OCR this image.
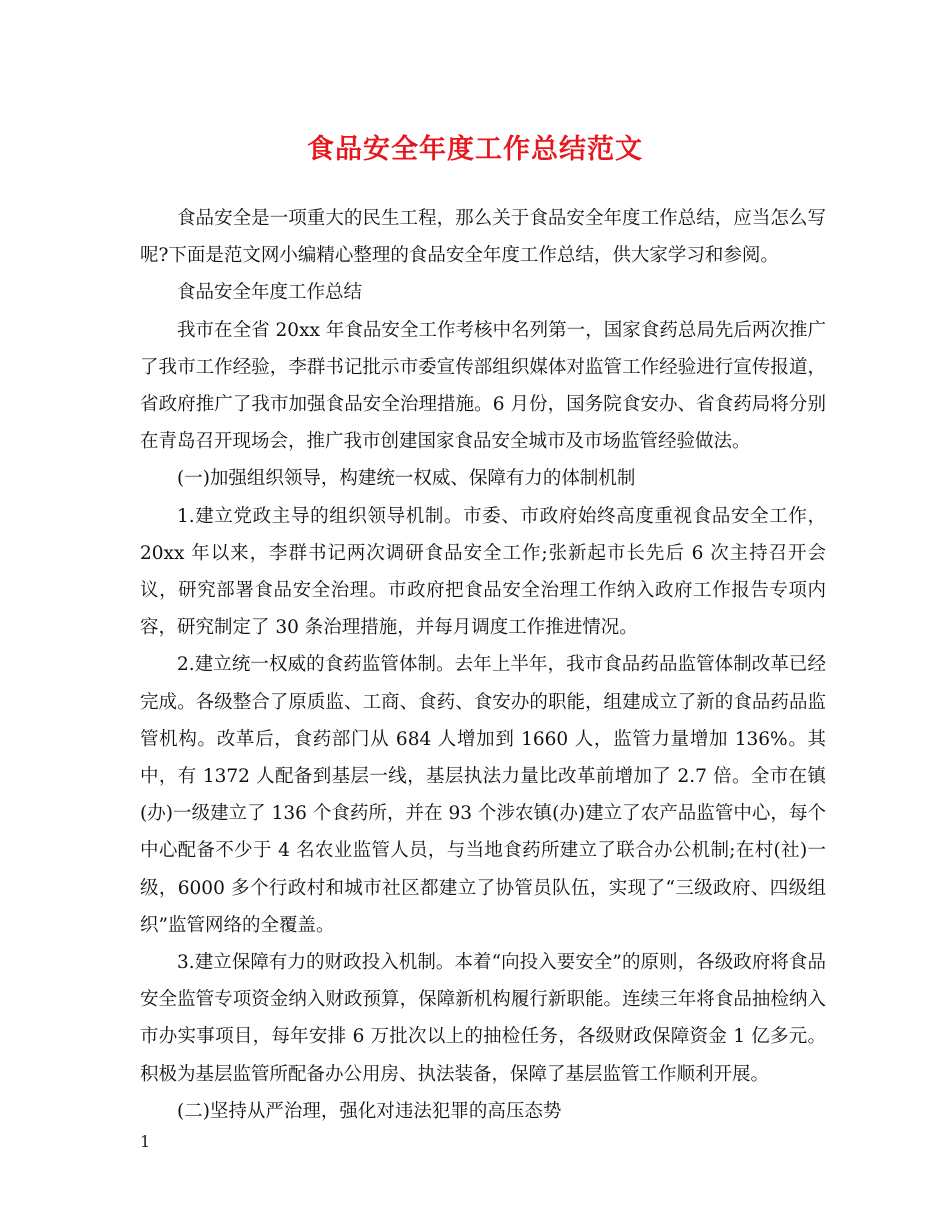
食品安全年度工作总结范文

食品安全是一项重大的民生工程，那么关于食品安全年度工作总结，应当怎么写呢?下面是范文网小编精心整理的食品安全年度工作总结，供大家学习和参阅。

食品安全年度工作总结

我市在全省 20xx 年食品安全工作考核中名列第一，国家食药总局先后两次推广了我市工作经验，李群书记批示市委宣传部组织媒体对监管工作经验进行宣传报道，省政府推广了我市加强食品安全治理措施。6 月份，国务院食安办、省食药局将分别在青岛召开现场会，推广我市创建国家食品安全城市及市场监管经验做法。

(一)加强组织领导，构建统一权威、保障有力的体制机制

1.建立党政主导的组织领导机制。市委、市政府始终高度重视食品安全工作，20xx 年以来，李群书记两次调研食品安全工作;张新起市长先后 6 次主持召开会议，研究部署食品安全治理。市政府把食品安全治理工作纳入政府工作报告专项内容，研究制定了 30 条治理措施，并每月调度工作推进情况。

2.建立统一权威的食药监管体制。去年上半年，我市食品药品监管体制改革已经完成。各级整合了原质监、工商、食药、食安办的职能，组建成立了新的食品药品监管机构。改革后，食药部门从 684 人增加到 1660 人，监管力量增加 136%。其中，有 1372 人配备到基层一线，基层执法力量比改革前增加了 2.7 倍。全市在镇(办)一级建立了 136 个食药所，并在 93 个涉农镇(办)建立了农产品监管中心，每个中心配备不少于 4 名农业监管人员，与当地食药所建立了联合办公机制;在村(社)一级，6000 多个行政村和城市社区都建立了协管员队伍，实现了“三级政府、四级组织”监管网络的全覆盖。

3.建立保障有力的财政投入机制。本着“向投入要安全”的原则，各级政府将食品安全监管专项资金纳入财政预算，保障新机构履行新职能。连续三年将食品抽检纳入市办实事项目，每年安排 6 万批次以上的抽检任务，各级财政保障资金 1 亿多元。积极为基层监管所配备办公用房、执法装备，保障了基层监管工作顺利开展。

(二)坚持从严治理，强化对违法犯罪的高压态势

1
